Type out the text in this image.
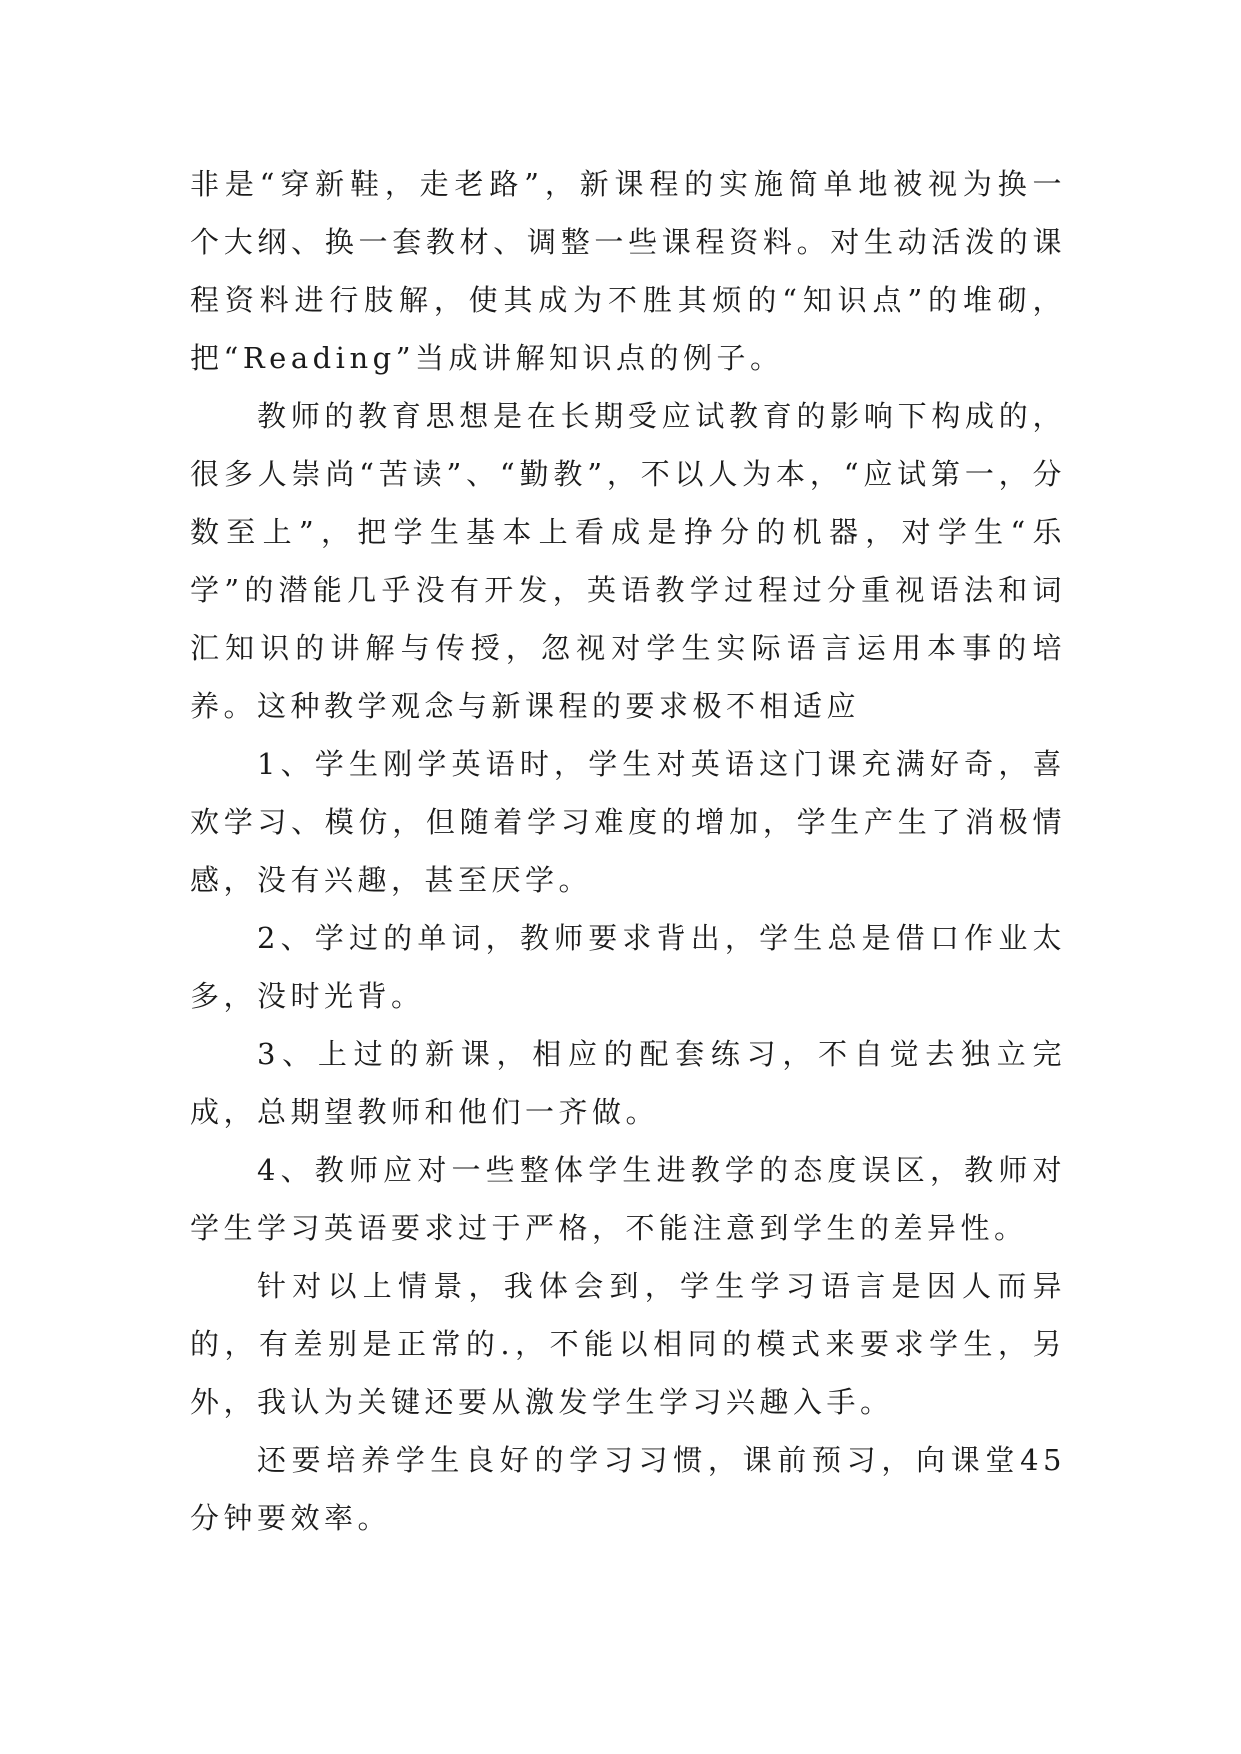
非是“穿新鞋，走老路”，新课程的实施简单地被视为换一个大纲、换一套教材、调整一些课程资料。对生动活泼的课程资料进行肢解，使其成为不胜其烦的“知识点”的堆砌，把“Reading”当成讲解知识点的例子。

教师的教育思想是在长期受应试教育的影响下构成的，很多人崇尚“苦读”、“勤教”，不以人为本，“应试第一，分数至上”，把学生基本上看成是挣分的机器，对学生“乐学”的潜能几乎没有开发，英语教学过程过分重视语法和词汇知识的讲解与传授，忽视对学生实际语言运用本事的培养。这种教学观念与新课程的要求极不相适应

1、学生刚学英语时，学生对英语这门课充满好奇，喜欢学习、模仿，但随着学习难度的增加，学生产生了消极情感，没有兴趣，甚至厌学。

2、学过的单词，教师要求背出，学生总是借口作业太多，没时光背。

3、上过的新课，相应的配套练习，不自觉去独立完成，总期望教师和他们一齐做。

4、教师应对一些整体学生进教学的态度误区，教师对学生学习英语要求过于严格，不能注意到学生的差异性。

针对以上情景，我体会到，学生学习语言是因人而异的，有差别是正常的.，不能以相同的模式来要求学生，另外，我认为关键还要从激发学生学习兴趣入手。

还要培养学生良好的学习习惯，课前预习，向课堂45分钟要效率。
